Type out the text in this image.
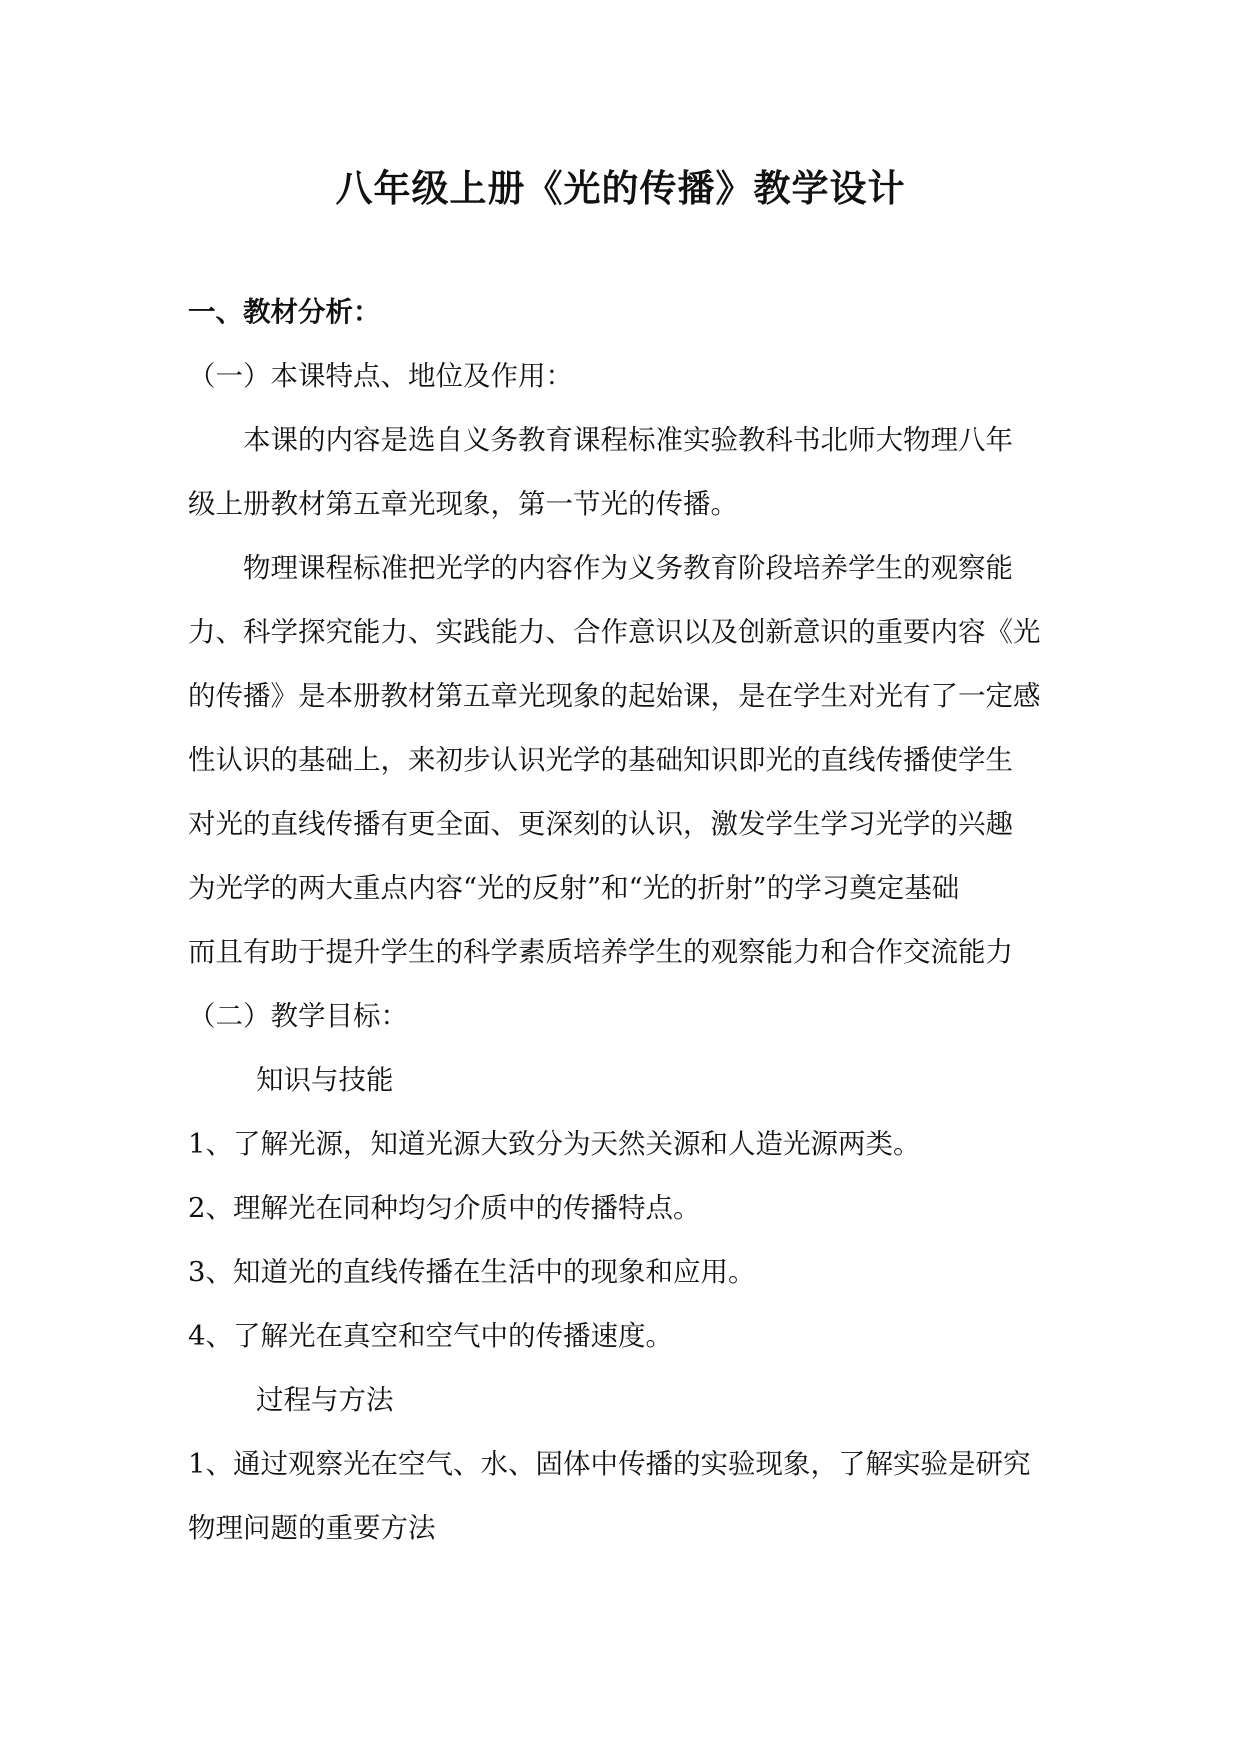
八年级上册《光的传播》教学设计
一、教材分析：
（一）本课特点、地位及作用：
本课的内容是选自义务教育课程标准实验教科书北师大物理八年
级上册教材第五章光现象，第一节光的传播。
物理课程标准把光学的内容作为义务教育阶段培养学生的观察能
力、科学探究能力、实践能力、合作意识以及创新意识的重要内容《光
的传播》是本册教材第五章光现象的起始课，是在学生对光有了一定感
性认识的基础上，来初步认识光学的基础知识即光的直线传播使学生
对光的直线传播有更全面、更深刻的认识，激发学生学习光学的兴趣
为光学的两大重点内容“光的反射”和“光的折射”的学习奠定基础
而且有助于提升学生的科学素质培养学生的观察能力和合作交流能力
（二）教学目标：
知识与技能
1、了解光源，知道光源大致分为天然关源和人造光源两类。
2、理解光在同种均匀介质中的传播特点。
3、知道光的直线传播在生活中的现象和应用。
4、了解光在真空和空气中的传播速度。
过程与方法
1、通过观察光在空气、水、固体中传播的实验现象，了解实验是研究
物理问题的重要方法
